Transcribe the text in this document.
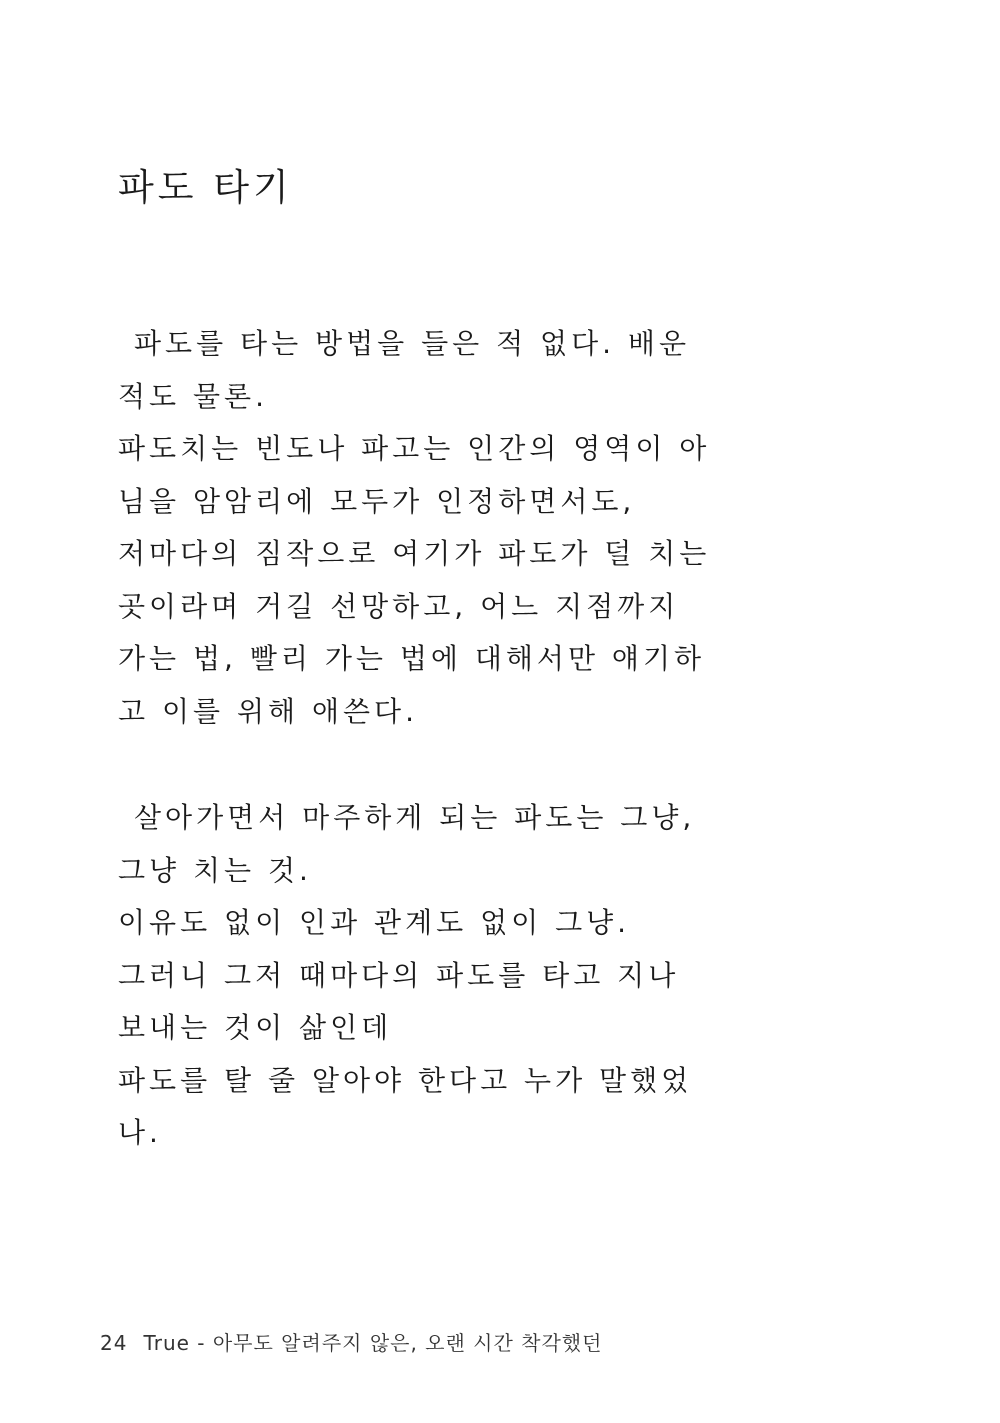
파도 타기
파도를 타는 방법을 들은 적 없다. 배운
적도 물론.
파도치는 빈도나 파고는 인간의 영역이 아
님을 암암리에 모두가 인정하면서도,
저마다의 짐작으로 여기가 파도가 덜 치는
곳이라며 거길 선망하고, 어느 지점까지
가는 법, 빨리 가는 법에 대해서만 얘기하
고 이를 위해 애쓴다.
살아가면서 마주하게 되는 파도는 그냥,
그냥 치는 것.
이유도 없이 인과 관계도 없이 그냥.
그러니 그저 때마다의 파도를 타고 지나
보내는 것이 삶인데
파도를 탈 줄 알아야 한다고 누가 말했었
나.
24 True - 아무도 알려주지 않은, 오랜 시간 착각했던
